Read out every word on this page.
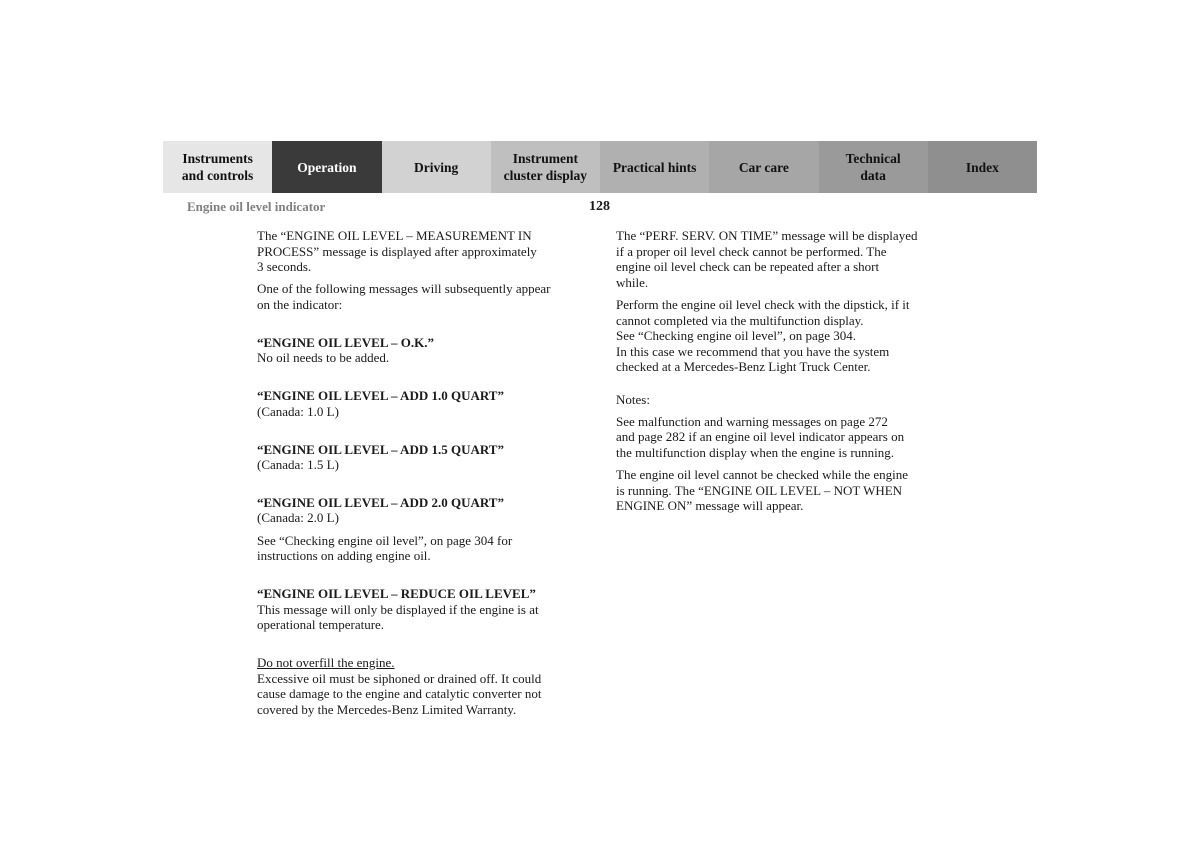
Instruments
and controls
Operation	Driving
Instrument
cluster display
Practical hints	Car care
Technical
data
Index
Engine oil level indicator	128

The “ENGINE OIL LEVEL – MEASUREMENT IN
PROCESS” message is displayed after approximately
3 seconds.

One of the following messages will subsequently appear
on the indicator:

“ENGINE OIL LEVEL – O.K.”
No oil needs to be added.

“ENGINE OIL LEVEL – ADD 1.0 QUART”
(Canada: 1.0 L)

“ENGINE OIL LEVEL – ADD 1.5 QUART”
(Canada: 1.5 L)

“ENGINE OIL LEVEL – ADD 2.0 QUART”
(Canada: 2.0 L)

See “Checking engine oil level”, on page 304 for
instructions on adding engine oil.

“ENGINE OIL LEVEL – REDUCE OIL LEVEL”
This message will only be displayed if the engine is at
operational temperature.

Do not overfill the engine.
Excessive oil must be siphoned or drained off. It could
cause damage to the engine and catalytic converter not
covered by the Mercedes-Benz Limited Warranty.

The “PERF. SERV. ON TIME” message will be displayed
if a proper oil level check cannot be performed. The
engine oil level check can be repeated after a short
while.

Perform the engine oil level check with the dipstick, if it
cannot completed via the multifunction display.
See “Checking engine oil level”, on page 304.
In this case we recommend that you have the system
checked at a Mercedes-Benz Light Truck Center.

Notes:

See malfunction and warning messages on page 272
and page 282 if an engine oil level indicator appears on
the multifunction display when the engine is running.

The engine oil level cannot be checked while the engine
is running. The “ENGINE OIL LEVEL – NOT WHEN
ENGINE ON” message will appear.
